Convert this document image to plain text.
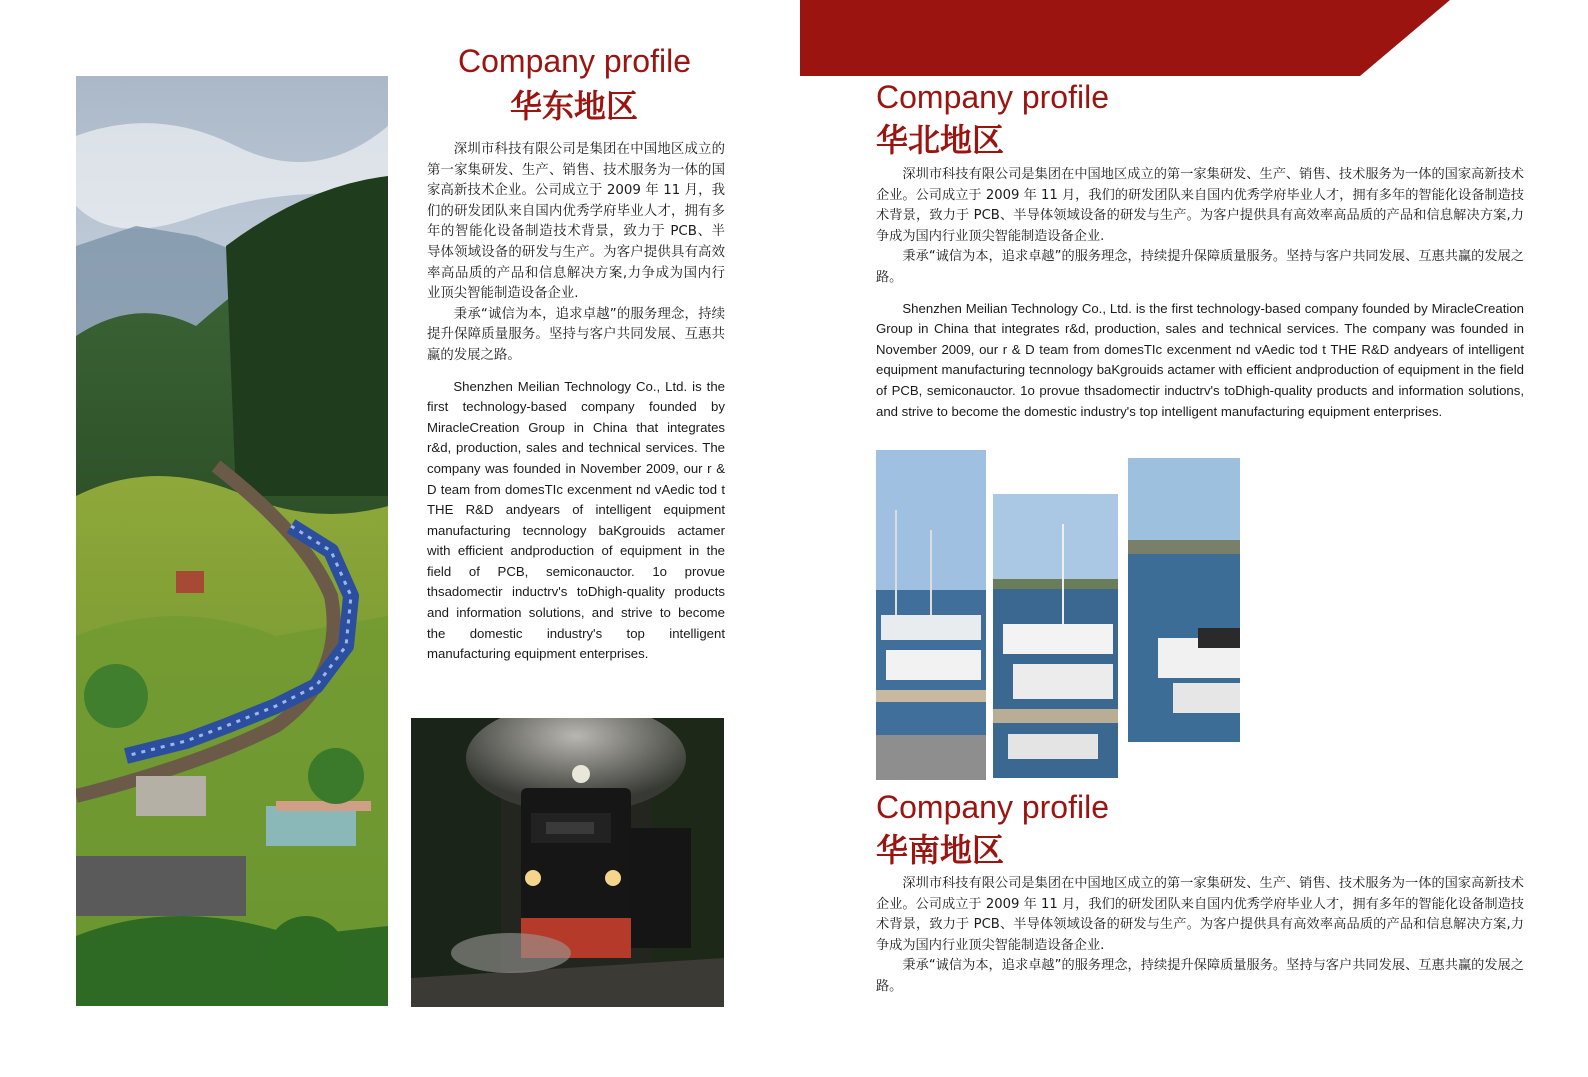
Company profile
华东地区

深圳市科技有限公司是集团在中国地区成立的第一家集研发、生产、销售、技术服务为一体的国家高新技术企业。公司成立于 2009 年 11 月，我们的研发团队来自国内优秀学府毕业人才，拥有多年的智能化设备制造技术背景，致力于 PCB、半导体领域设备的研发与生产。为客户提供具有高效率高品质的产品和信息解决方案,力争成为国内行业顶尖智能制造设备企业.

秉承“诚信为本，追求卓越”的服务理念，持续提升保障质量服务。坚持与客户共同发展、互惠共赢的发展之路。

Shenzhen Meilian Technology Co., Ltd. is the first technology-based company founded by MiracleCreation Group in China that integrates r&d, production, sales and technical services. The company was founded in November 2009, our r & D team from domesTIc excenment nd vAedic tod t THE R&D andyears of intelligent equipment manufacturing tecnnology baKgrouids actamer with efficient andproduction of equipment in the field of PCB, semiconauctor. 1o provue thsadomectir inductrv's toDhigh-quality products and information solutions, and strive to become the domestic industry's top intelligent manufacturing equipment enterprises.

Company profile
华北地区

深圳市科技有限公司是集团在中国地区成立的第一家集研发、生产、销售、技术服务为一体的国家高新技术企业。公司成立于 2009 年 11 月，我们的研发团队来自国内优秀学府毕业人才，拥有多年的智能化设备制造技术背景，致力于 PCB、半导体领域设备的研发与生产。为客户提供具有高效率高品质的产品和信息解决方案,力争成为国内行业顶尖智能制造设备企业.

秉承“诚信为本，追求卓越”的服务理念，持续提升保障质量服务。坚持与客户共同发展、互惠共赢的发展之路。

Shenzhen Meilian Technology Co., Ltd. is the first technology-based company founded by MiracleCreation Group in China that integrates r&d, production, sales and technical services. The company was founded in November 2009, our r & D team from domesTIc excenment nd vAedic tod t THE R&D andyears of intelligent equipment manufacturing tecnnology baKgrouids actamer with efficient andproduction of equipment in the field of PCB, semiconauctor. 1o provue thsadomectir inductrv's toDhigh-quality products and information solutions, and strive to become the domestic industry's top intelligent manufacturing equipment enterprises.

Company profile
华南地区

深圳市科技有限公司是集团在中国地区成立的第一家集研发、生产、销售、技术服务为一体的国家高新技术企业。公司成立于 2009 年 11 月，我们的研发团队来自国内优秀学府毕业人才，拥有多年的智能化设备制造技术背景，致力于 PCB、半导体领域设备的研发与生产。为客户提供具有高效率高品质的产品和信息解决方案,力争成为国内行业顶尖智能制造设备企业.

秉承“诚信为本，追求卓越”的服务理念，持续提升保障质量服务。坚持与客户共同发展、互惠共赢的发展之路。
